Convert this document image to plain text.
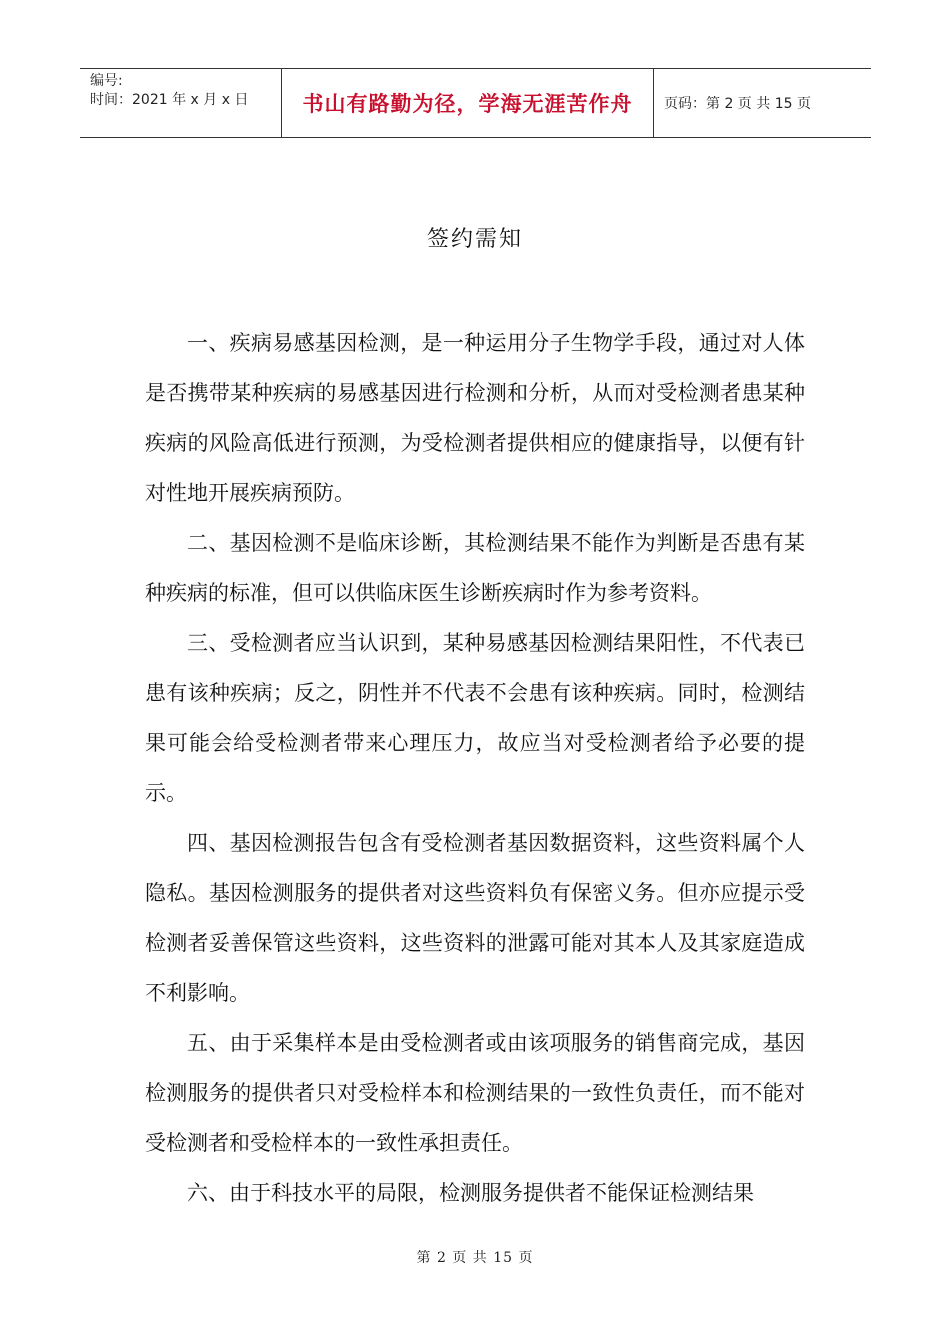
编号:
时间：2021 年 x 月 x 日	书山有路勤为径，学海无涯苦作舟	页码：第 2 页 共 15 页
签约需知

一、疾病易感基因检测，是一种运用分子生物学手段，通过对人体是否携带某种疾病的易感基因进行检测和分析，从而对受检测者患某种疾病的风险高低进行预测，为受检测者提供相应的健康指导，以便有针对性地开展疾病预防。

二、基因检测不是临床诊断，其检测结果不能作为判断是否患有某种疾病的标准，但可以供临床医生诊断疾病时作为参考资料。

三、受检测者应当认识到，某种易感基因检测结果阳性，不代表已患有该种疾病；反之，阴性并不代表不会患有该种疾病。同时，检测结果可能会给受检测者带来心理压力，故应当对受检测者给予必要的提示。

四、基因检测报告包含有受检测者基因数据资料，这些资料属个人隐私。基因检测服务的提供者对这些资料负有保密义务。但亦应提示受检测者妥善保管这些资料，这些资料的泄露可能对其本人及其家庭造成不利影响。

五、由于采集样本是由受检测者或由该项服务的销售商完成，基因检测服务的提供者只对受检样本和检测结果的一致性负责任，而不能对受检测者和受检样本的一致性承担责任。

六、由于科技水平的局限，检测服务提供者不能保证检测结果

第 2 页 共 15 页
